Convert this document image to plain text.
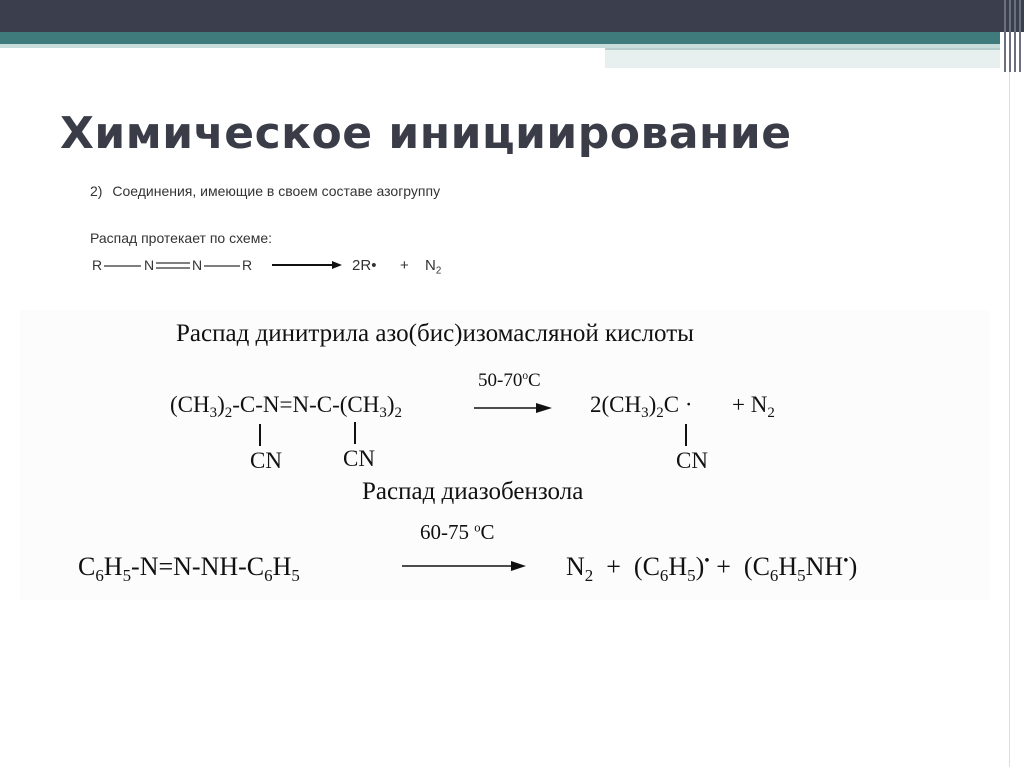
Химическое инициирование
2) Соединения, имеющие в своем составе азогруппу
Распад протекает по схеме:
R	N	N	R	2R• + $N_2$
Распад динитрила азо(бис)изомасляной кислоты
$(CH_3)_2-C-N=N-C-(CH_3)_2$
50-70$^o$C
$2(CH_3)_2C$ · + $N_2$
CN	CN	CN
Распад диазобензола
60-75 $^o$C
$C_6H_5-N=N-NH-C_6H_5$	$N_2 + (C_6H_5)^• + (C_6H_5NH^•)$
